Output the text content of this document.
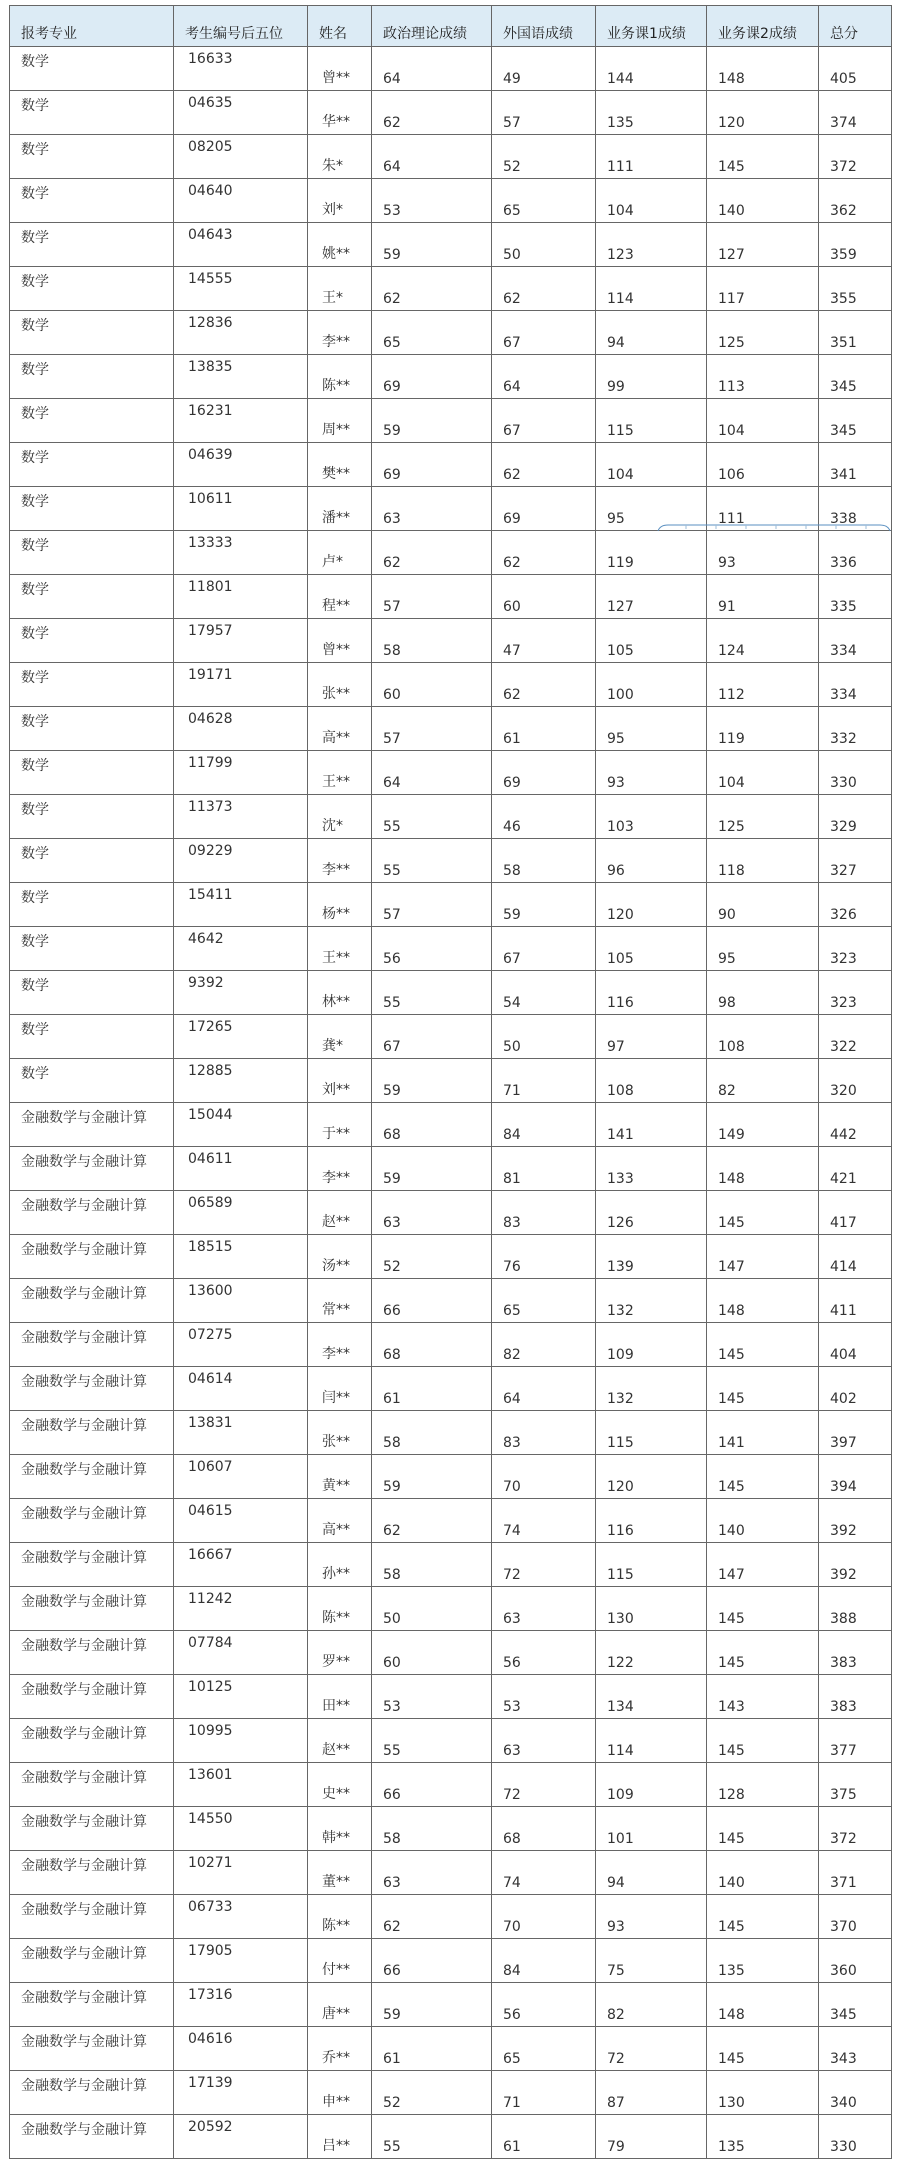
报考专业	考生编号后五位	姓名	政治理论成绩	外国语成绩	业务课1成绩	业务课2成绩	总分
数学	16633	曾**	64	49	144	148	405
数学	04635	华**	62	57	135	120	374
数学	08205	朱*	64	52	111	145	372
数学	04640	刘*	53	65	104	140	362
数学	04643	姚**	59	50	123	127	359
数学	14555	王*	62	62	114	117	355
数学	12836	李**	65	67	94	125	351
数学	13835	陈**	69	64	99	113	345
数学	16231	周**	59	67	115	104	345
数学	04639	樊**	69	62	104	106	341
数学	10611	潘**	63	69	95	111	338
数学	13333	卢*	62	62	119	93	336
数学	11801	程**	57	60	127	91	335
数学	17957	曾**	58	47	105	124	334
数学	19171	张**	60	62	100	112	334
数学	04628	高**	57	61	95	119	332
数学	11799	王**	64	69	93	104	330
数学	11373	沈*	55	46	103	125	329
数学	09229	李**	55	58	96	118	327
数学	15411	杨**	57	59	120	90	326
数学	4642	王**	56	67	105	95	323
数学	9392	林**	55	54	116	98	323
数学	17265	龚*	67	50	97	108	322
数学	12885	刘**	59	71	108	82	320
金融数学与金融计算	15044	于**	68	84	141	149	442
金融数学与金融计算	04611	李**	59	81	133	148	421
金融数学与金融计算	06589	赵**	63	83	126	145	417
金融数学与金融计算	18515	汤**	52	76	139	147	414
金融数学与金融计算	13600	常**	66	65	132	148	411
金融数学与金融计算	07275	李**	68	82	109	145	404
金融数学与金融计算	04614	闫**	61	64	132	145	402
金融数学与金融计算	13831	张**	58	83	115	141	397
金融数学与金融计算	10607	黄**	59	70	120	145	394
金融数学与金融计算	04615	高**	62	74	116	140	392
金融数学与金融计算	16667	孙**	58	72	115	147	392
金融数学与金融计算	11242	陈**	50	63	130	145	388
金融数学与金融计算	07784	罗**	60	56	122	145	383
金融数学与金融计算	10125	田**	53	53	134	143	383
金融数学与金融计算	10995	赵**	55	63	114	145	377
金融数学与金融计算	13601	史**	66	72	109	128	375
金融数学与金融计算	14550	韩**	58	68	101	145	372
金融数学与金融计算	10271	董**	63	74	94	140	371
金融数学与金融计算	06733	陈**	62	70	93	145	370
金融数学与金融计算	17905	付**	66	84	75	135	360
金融数学与金融计算	17316	唐**	59	56	82	148	345
金融数学与金融计算	04616	乔**	61	65	72	145	343
金融数学与金融计算	17139	申**	52	71	87	130	340
金融数学与金融计算	20592	吕**	55	61	79	135	330
